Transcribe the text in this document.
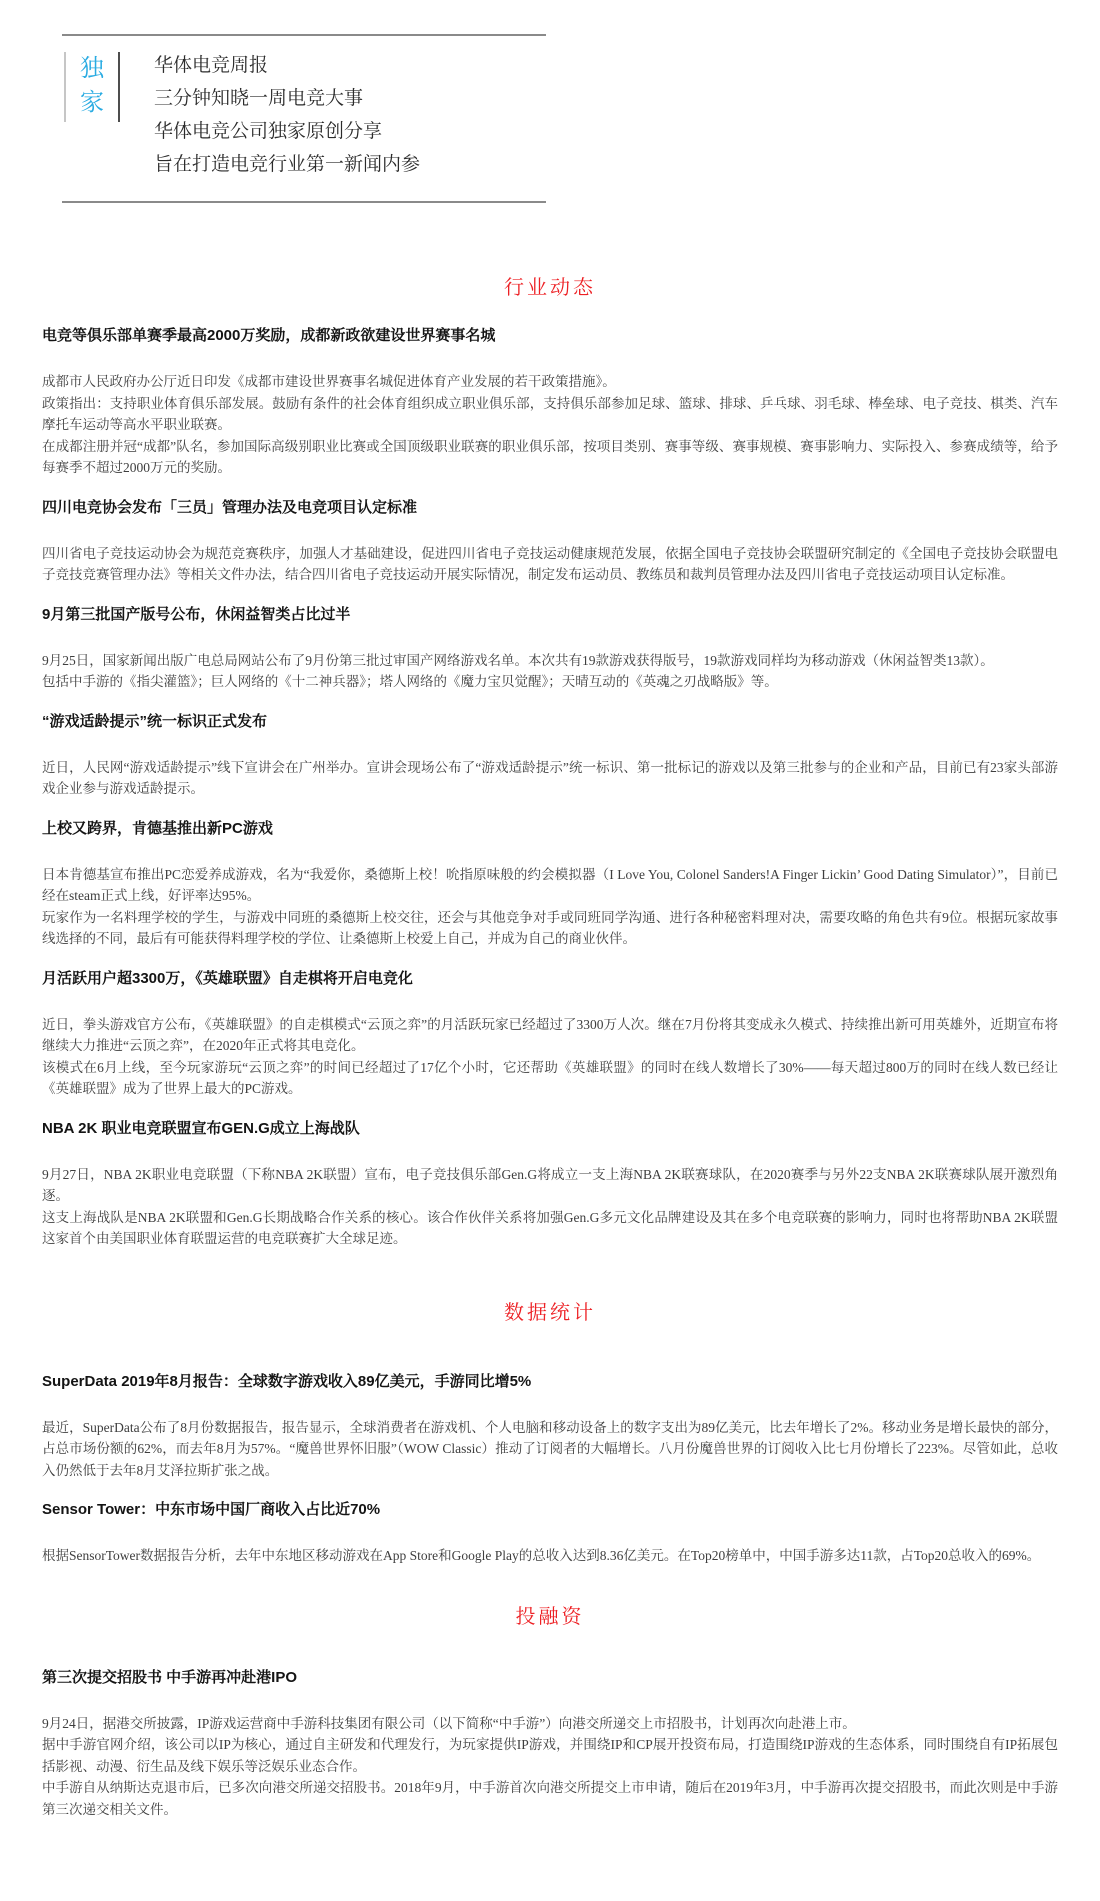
独
家
华体电竞周报
三分钟知晓一周电竞大事
华体电竞公司独家原创分享
旨在打造电竞行业第一新闻内参
行业动态
电竞等俱乐部单赛季最高2000万奖励，成都新政欲建设世界赛事名城

成都市人民政府办公厅近日印发《成都市建设世界赛事名城促进体育产业发展的若干政策措施》。

政策指出：支持职业体育俱乐部发展。鼓励有条件的社会体育组织成立职业俱乐部，支持俱乐部参加足球、篮球、排球、乒乓球、羽毛球、棒垒球、电子竞技、棋类、汽车摩托车运动等高水平职业联赛。

在成都注册并冠“成都”队名，参加国际高级别职业比赛或全国顶级职业联赛的职业俱乐部，按项目类别、赛事等级、赛事规模、赛事影响力、实际投入、参赛成绩等，给予每赛季不超过2000万元的奖励。

四川电竞协会发布「三员」管理办法及电竞项目认定标准

四川省电子竞技运动协会为规范竞赛秩序，加强人才基础建设，促进四川省电子竞技运动健康规范发展，依据全国电子竞技协会联盟研究制定的《全国电子竞技协会联盟电子竞技竞赛管理办法》等相关文件办法，结合四川省电子竞技运动开展实际情况，制定发布运动员、教练员和裁判员管理办法及四川省电子竞技运动项目认定标准。

9月第三批国产版号公布，休闲益智类占比过半

9月25日，国家新闻出版广电总局网站公布了9月份第三批过审国产网络游戏名单。本次共有19款游戏获得版号，19款游戏同样均为移动游戏（休闲益智类13款）。

包括中手游的《指尖灌篮》；巨人网络的《十二神兵器》；塔人网络的《魔力宝贝觉醒》；天晴互动的《英魂之刃战略版》等。

“游戏适龄提示”统一标识正式发布

近日，人民网“游戏适龄提示”线下宣讲会在广州举办。宣讲会现场公布了“游戏适龄提示”统一标识、第一批标记的游戏以及第三批参与的企业和产品，目前已有23家头部游戏企业参与游戏适龄提示。

上校又跨界，肯德基推出新PC游戏

日本肯德基宣布推出PC恋爱养成游戏，名为“我爱你，桑德斯上校！吮指原味般的约会模拟器（I Love You, Colonel Sanders!A Finger Lickin’ Good Dating Simulator）”，目前已经在steam正式上线，好评率达95%。

玩家作为一名料理学校的学生，与游戏中同班的桑德斯上校交往，还会与其他竞争对手或同班同学沟通、进行各种秘密料理对决，需要攻略的角色共有9位。根据玩家故事线选择的不同，最后有可能获得料理学校的学位、让桑德斯上校爱上自己，并成为自己的商业伙伴。

月活跃用户超3300万，《英雄联盟》自走棋将开启电竞化

近日，拳头游戏官方公布，《英雄联盟》的自走棋模式“云顶之弈”的月活跃玩家已经超过了3300万人次。继在7月份将其变成永久模式、持续推出新可用英雄外，近期宣布将继续大力推进“云顶之弈”，在2020年正式将其电竞化。

该模式在6月上线，至今玩家游玩“云顶之弈”的时间已经超过了17亿个小时，它还帮助《英雄联盟》的同时在线人数增长了30%——每天超过800万的同时在线人数已经让《英雄联盟》成为了世界上最大的PC游戏。

NBA 2K 职业电竞联盟宣布GEN.G成立上海战队

9月27日，NBA 2K职业电竞联盟（下称NBA 2K联盟）宣布，电子竞技俱乐部Gen.G将成立一支上海NBA 2K联赛球队，在2020赛季与另外22支NBA 2K联赛球队展开激烈角逐。

这支上海战队是NBA 2K联盟和Gen.G长期战略合作关系的核心。该合作伙伴关系将加强Gen.G多元文化品牌建设及其在多个电竞联赛的影响力，同时也将帮助NBA 2K联盟这家首个由美国职业体育联盟运营的电竞联赛扩大全球足迹。

数据统计
SuperData 2019年8月报告：全球数字游戏收入89亿美元，手游同比增5%

最近，SuperData公布了8月份数据报告，报告显示，全球消费者在游戏机、个人电脑和移动设备上的数字支出为89亿美元，比去年增长了2%。移动业务是增长最快的部分，占总市场份额的62%，而去年8月为57%。“魔兽世界怀旧服”（WOW Classic）推动了订阅者的大幅增长。八月份魔兽世界的订阅收入比七月份增长了223%。尽管如此，总收入仍然低于去年8月艾泽拉斯扩张之战。

Sensor Tower：中东市场中国厂商收入占比近70%

根据SensorTower数据报告分析，去年中东地区移动游戏在App Store和Google Play的总收入达到8.36亿美元。在Top20榜单中，中国手游多达11款，占Top20总收入的69%。

投融资
第三次提交招股书 中手游再冲赴港IPO

9月24日，据港交所披露，IP游戏运营商中手游科技集团有限公司（以下简称“中手游”）向港交所递交上市招股书，计划再次向赴港上市。

据中手游官网介绍，该公司以IP为核心，通过自主研发和代理发行，为玩家提供IP游戏，并围绕IP和CP展开投资布局，打造围绕IP游戏的生态体系，同时围绕自有IP拓展包括影视、动漫、衍生品及线下娱乐等泛娱乐业态合作。

中手游自从纳斯达克退市后，已多次向港交所递交招股书。2018年9月，中手游首次向港交所提交上市申请，随后在2019年3月，中手游再次提交招股书，而此次则是中手游第三次递交相关文件。
